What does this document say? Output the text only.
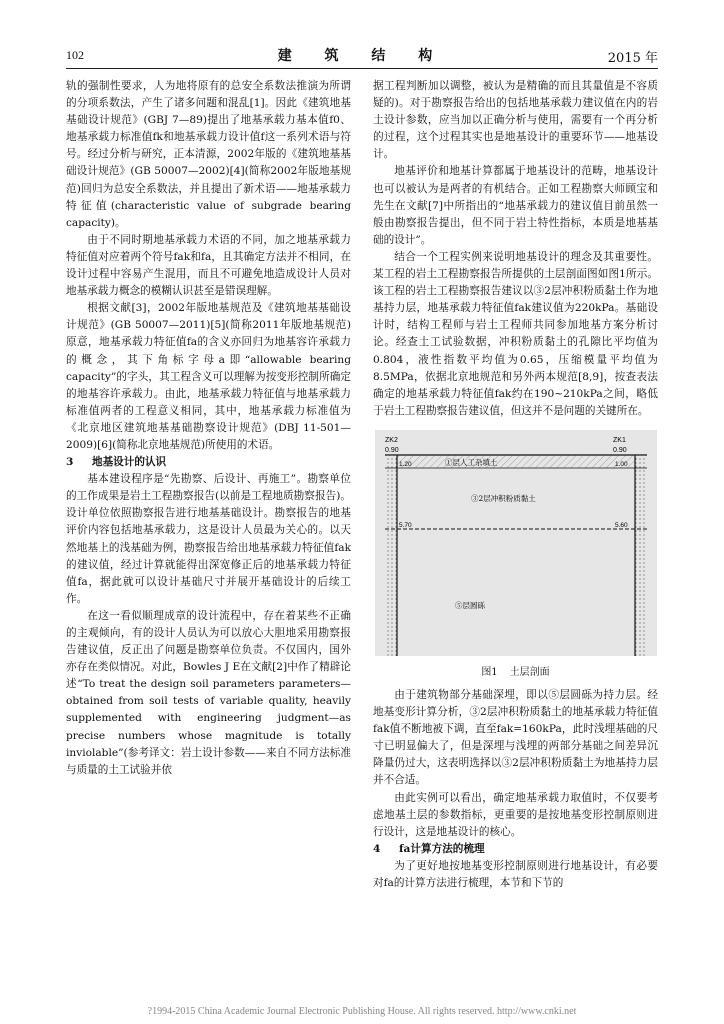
102	建 筑 结 构	2015 年

轨的强制性要求，人为地将原有的总安全系数法推演为所谓的分项系数法，产生了诸多问题和混乱[1]。因此《建筑地基基础设计规范》(GBJ 7—89)提出了地基承载力基本值f0、地基承载力标准值fk和地基承载力设计值f这一系列术语与符号。经过分析与研究，正本清源，2002年版的《建筑地基基础设计规范》(GB 50007—2002)[4](简称2002年版地基规范)回归为总安全系数法，并且提出了新术语——地基承载力特征值(characteristic value of subgrade bearing capacity)。

由于不同时期地基承载力术语的不同，加之地基承载力特征值对应着两个符号fak和fa，且其确定方法并不相同，在设计过程中容易产生混用，而且不可避免地造成设计人员对地基承载力概念的模糊认识甚至是错误理解。

根据文献[3]，2002年版地基规范及《建筑地基基础设计规范》(GB 50007—2011)[5](简称2011年版地基规范)原意，地基承载力特征值fa的含义亦回归为地基容许承载力的概念，其下角标字母a即“allowable bearing capacity”的字头，其工程含义可以理解为按变形控制所确定的地基容许承载力。由此，地基承载力特征值与地基承载力标准值两者的工程意义相同，其中，地基承载力标准值为《北京地区建筑地基基础勘察设计规范》(DBJ 11-501—2009)[6](简称北京地基规范)所使用的术语。

3 地基设计的认识

基本建设程序是“先勘察、后设计、再施工”。勘察单位的工作成果是岩土工程勘察报告(以前是工程地质勘察报告)。设计单位依照勘察报告进行地基基础设计。勘察报告的地基评价内容包括地基承载力，这是设计人员最为关心的。以天然地基上的浅基础为例，勘察报告给出地基承载力特征值fak的建议值，经过计算就能得出深宽修正后的地基承载力特征值fa，据此就可以设计基础尺寸并展开基础设计的后续工作。

在这一看似顺理成章的设计流程中，存在着某些不正确的主观倾向，有的设计人员认为可以放心大胆地采用勘察报告建议值，反正出了问题是勘察单位负责。不仅国内，国外亦存在类似情况。对此，Bowles J E在文献[2]中作了精辟论述“To treat the design soil parameters parameters—obtained from soil tests of variable quality, heavily supplemented with engineering judgment—as precise numbers whose magnitude is totally inviolable”(参考译文：岩土设计参数——来自不同方法标准与质量的土工试验并依

据工程判断加以调整，被认为是精确的而且其量值是不容质疑的)。对于勘察报告给出的包括地基承载力建议值在内的岩土设计参数，应当加以正确分析与使用，需要有一个再分析的过程，这个过程其实也是地基设计的重要环节——地基设计。

地基评价和地基计算都属于地基设计的范畴，地基设计也可以被认为是两者的有机结合。正如工程勘察大师顾宝和先生在文献[7]中所指出的“地基承载力的建议值目前虽然一般由勘察报告提出，但不同于岩土特性指标，本质是地基基础的设计”。

结合一个工程实例来说明地基设计的理念及其重要性。某工程的岩土工程勘察报告所提供的土层剖面图如图1所示。该工程的岩土工程勘察报告建议以③2层冲积粉质黏土作为地基持力层，地基承载力特征值fak建议值为220kPa。基础设计时，结构工程师与岩土工程师共同参加地基方案分析讨论。经查土工试验数据，冲积粉质黏土的孔隙比平均值为0.804，液性指数平均值为0.65，压缩模量平均值为8.5MPa，依据北京地规范和另外两本规范[8,9]，按查表法确定的地基承载力特征值fak约在190~210kPa之间，略低于岩土工程勘察报告建议值，但这并不是问题的关键所在。

ZK2
0.90
ZK1
0.90
1.20	1.00
5.70	5.60
①层人工杂填土
③2层冲积粉质黏土
⑤层圆砾
图1 土层剖面

由于建筑物部分基础深埋，即以⑤层圆砾为持力层。经地基变形计算分析，③2层冲积粉质黏土的地基承载力特征值fak值不断地被下调，直至fak=160kPa，此时浅埋基础的尺寸已明显偏大了，但是深埋与浅埋的两部分基础之间差异沉降量仍过大，这表明选择以③2层冲积粉质黏土为地基持力层并不合适。

由此实例可以看出，确定地基承载力取值时，不仅要考虑地基土层的参数指标，更重要的是按地基变形控制原则进行设计，这是地基设计的核心。

4 fa计算方法的梳理

为了更好地按地基变形控制原则进行地基设计，有必要对fa的计算方法进行梳理，本节和下节的

?1994-2015 China Academic Journal Electronic Publishing House. All rights reserved. http://www.cnki.net
